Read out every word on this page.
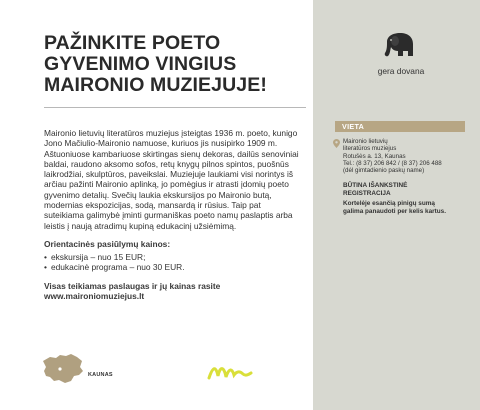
PAŽINKITE POETO
GYVENIMO VINGIUS
MAIRONIO MUZIEJUJE!

Maironio lietuvių literatūros muziejus įsteigtas 1936 m. poeto, kunigo Jono Mačiulio-Maironio namuose, kuriuos jis nusipirko 1909 m. Aštuoniuose kambariuose skirtingas sienų dekoras, dailūs senoviniai baldai, raudono aksomo sofos, retų knygų pilnos spintos, puošnūs laikrodžiai, skulptūros, paveikslai. Muziejuje laukiami visi norintys iš arčiau pažinti Maironio aplinką, jo pomėgius ir atrasti įdomių poeto gyvenimo detalių. Svečių laukia ekskursijos po Maironio butą, modernias ekspozicijas, sodą, mansardą ir rūsius. Taip pat suteikiama galimybė įminti gurmaniškas poeto namų paslaptis arba leistis į naują atradimų kupiną edukacinį užsiėmimą.

Orientacinės pasiūlymų kainos:
• ekskursija – nuo 15 EUR;
• edukacinė programa – nuo 30 EUR.
Visas teikiamas paslaugas ir jų kainas rasite
www.maironiomuziejus.lt
KAUNAS
gera dovana
VIETA
Maironio lietuvių
literatūros muziejus
Rotušės a. 13, Kaunas
Tel.: (8 37) 206 842 / (8 37) 206 488
(dėl gimtadienio paskų name)
BŪTINA IŠANKSTINĖ
REGISTRACIJA
Kortelėje esančią pinigų sumą galima panaudoti per kelis kartus.
